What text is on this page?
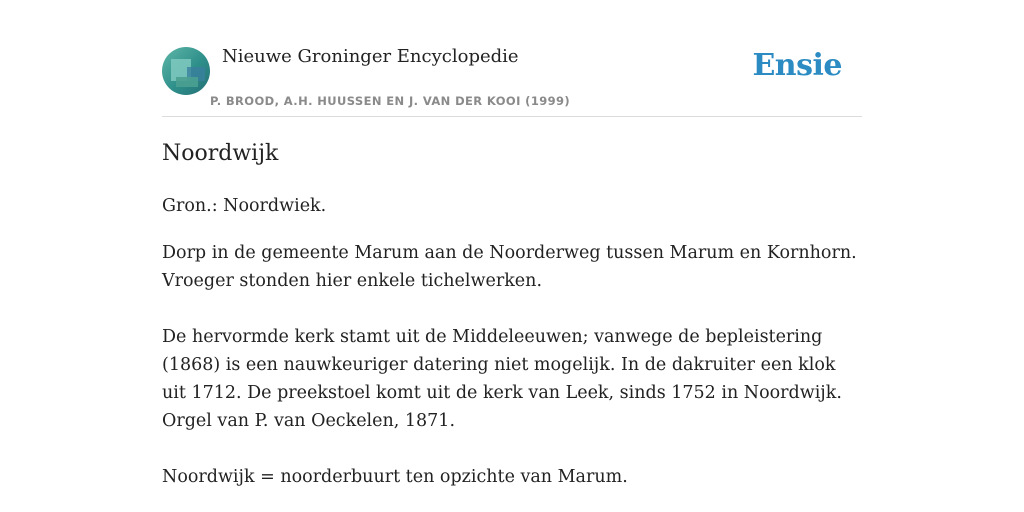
Nieuwe Groninger Encyclopedie
P. BROOD, A.H. HUUSSEN EN J. VAN DER KOOI (1999)
Ensie
Noordwijk

Gron.: Noordwiek.

Dorp in de gemeente Marum aan de Noorderweg tussen Marum en Kornhorn. Vroeger stonden hier enkele tichelwerken.

De hervormde kerk stamt uit de Middeleeuwen; vanwege de bepleistering (1868) is een nauwkeuriger datering niet mogelijk. In de dakruiter een klok uit 1712. De preekstoel komt uit de kerk van Leek, sinds 1752 in Noordwijk. Orgel van P. van Oeckelen, 1871.

Noordwijk = noorderbuurt ten opzichte van Marum.
